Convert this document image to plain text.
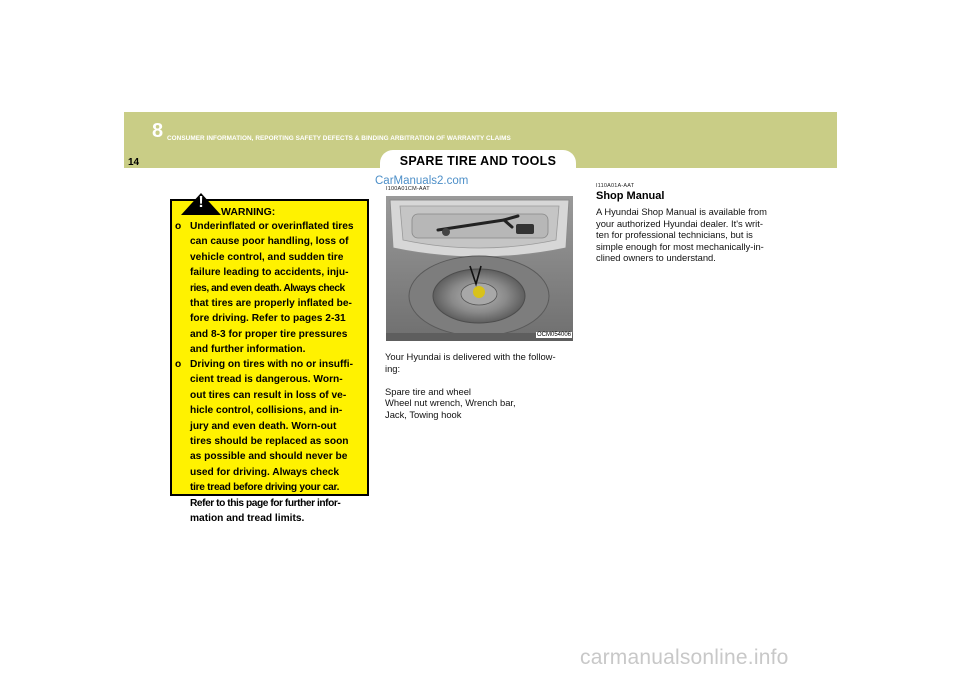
8 CONSUMER INFORMATION, REPORTING SAFETY DEFECTS & BINDING ARBITRATION OF WARRANTY CLAIMS
14	SPARE TIRE AND TOOLS
CarManuals2.com
!
WARNING:
o Underinflated or overinflated tires
can cause poor handling, loss of
vehicle control, and sudden tire
failure leading to accidents, inju-
ries, and even death. Always check
that tires are properly inflated be-
fore driving. Refer to pages 2-31
and 8-3 for proper tire pressures
and further information.
o Driving on tires with no or insuffi-
cient tread is dangerous. Worn-
out tires can result in loss of ve-
hicle control, collisions, and in-
jury and even death. Worn-out
tires should be replaced as soon
as possible and should never be
used for driving. Always check
tire tread before driving your car.
Refer to this page for further infor-
mation and tread limits.
I100A01CM-AAT
OCM054006
Your Hyundai is delivered with the follow-
ing:
Spare tire and wheel
Wheel nut wrench, Wrench bar,
Jack, Towing hook
I110A01A-AAT
Shop Manual
A Hyundai Shop Manual is available from
your authorized Hyundai dealer. It's writ-
ten for professional technicians, but is
simple enough for most mechanically-in-
clined owners to understand.
carmanualsonline.info
